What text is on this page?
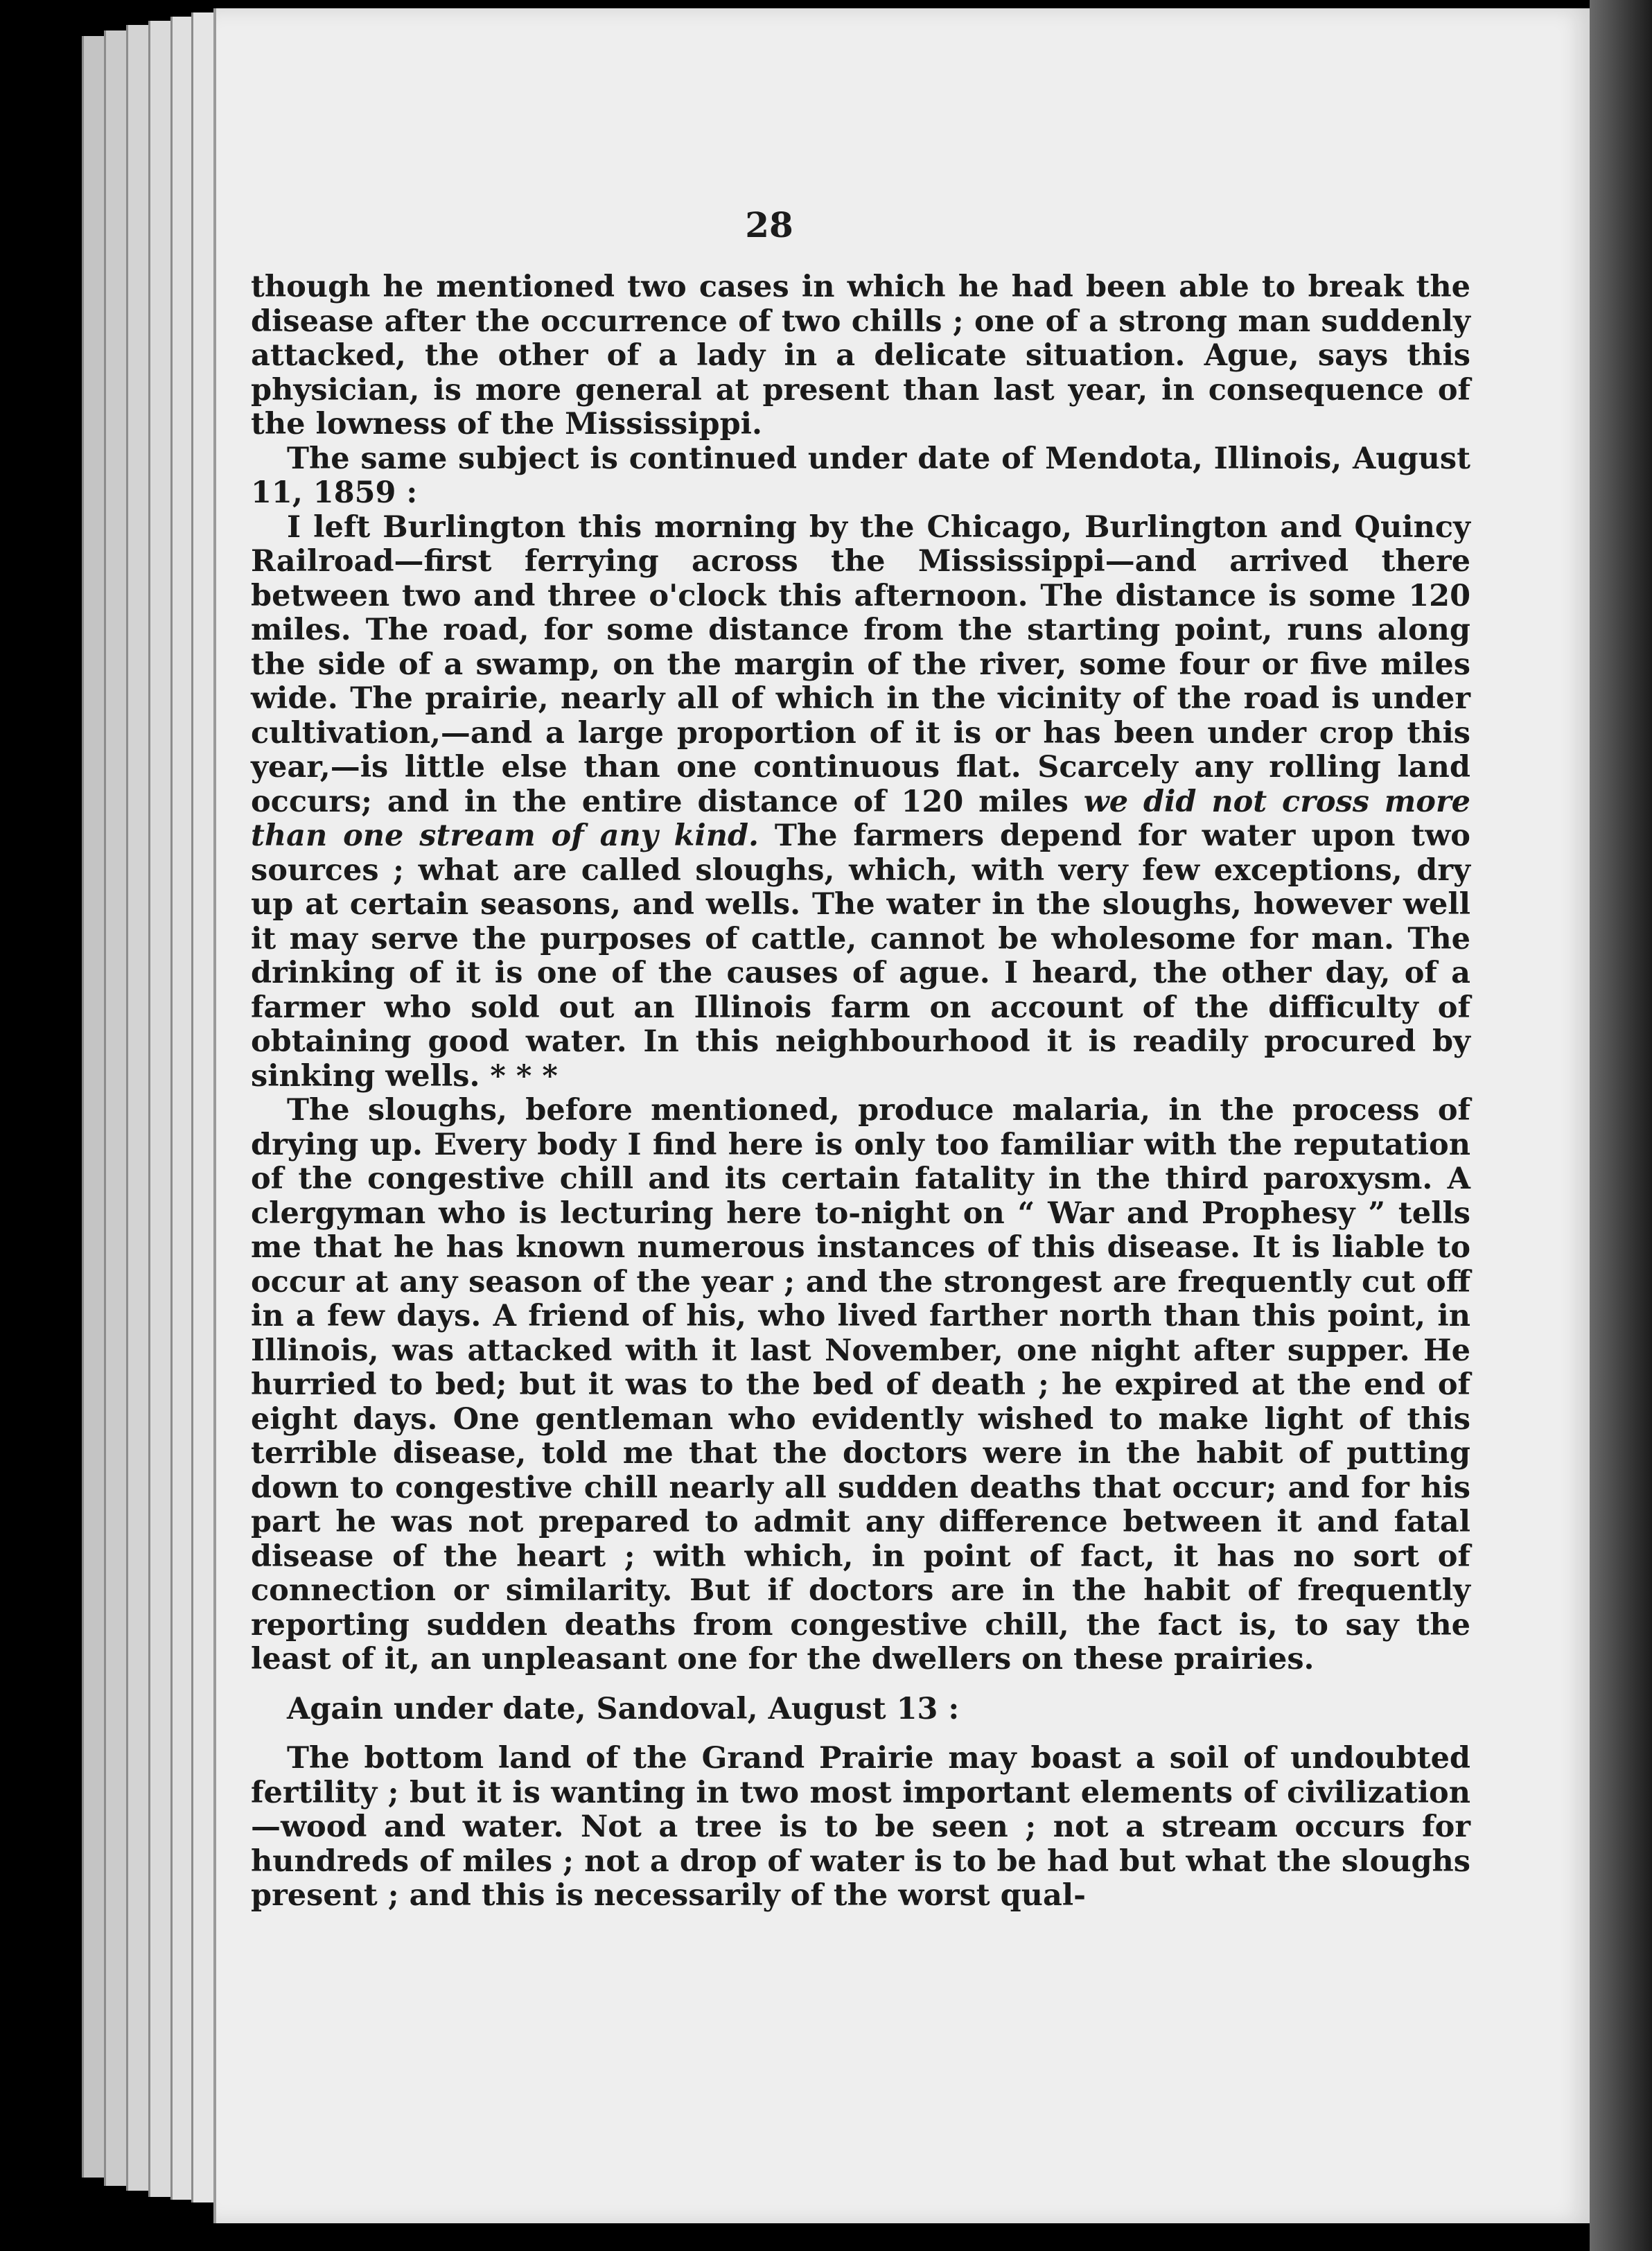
28

though he mentioned two cases in which he had been able to break the disease after the occurrence of two chills ; one of a strong man suddenly attacked, the other of a lady in a delicate situation. Ague, says this physician, is more general at present than last year, in consequence of the lowness of the Mississippi.

The same subject is continued under date of Mendota, Illinois, August 11, 1859 :

I left Burlington this morning by the Chicago, Burlington and Quincy Railroad—first ferrying across the Mississippi—and arrived there between two and three o'clock this afternoon. The distance is some 120 miles. The road, for some distance from the starting point, runs along the side of a swamp, on the margin of the river, some four or five miles wide. The prairie, nearly all of which in the vicinity of the road is under cultivation,—and a large proportion of it is or has been under crop this year,—is little else than one continuous flat. Scarcely any rolling land occurs; and in the entire distance of 120 miles we did not cross more than one stream of any kind. The farmers depend for water upon two sources ; what are called sloughs, which, with very few exceptions, dry up at certain seasons, and wells. The water in the sloughs, however well it may serve the purposes of cattle, cannot be wholesome for man. The drinking of it is one of the causes of ague. I heard, the other day, of a farmer who sold out an Illinois farm on account of the difficulty of obtaining good water. In this neighbourhood it is readily procured by sinking wells. * * *

The sloughs, before mentioned, produce malaria, in the process of drying up. Every body I find here is only too familiar with the reputation of the congestive chill and its certain fatality in the third paroxysm. A clergyman who is lecturing here to-night on “ War and Prophesy ” tells me that he has known numerous instances of this disease. It is liable to occur at any season of the year ; and the strongest are frequently cut off in a few days. A friend of his, who lived farther north than this point, in Illinois, was attacked with it last November, one night after supper. He hurried to bed; but it was to the bed of death ; he expired at the end of eight days. One gentleman who evidently wished to make light of this terrible disease, told me that the doctors were in the habit of putting down to congestive chill nearly all sudden deaths that occur; and for his part he was not prepared to admit any difference between it and fatal disease of the heart ; with which, in point of fact, it has no sort of connection or similarity. But if doctors are in the habit of frequently reporting sudden deaths from congestive chill, the fact is, to say the least of it, an unpleasant one for the dwellers on these prairies.

Again under date, Sandoval, August 13 :

The bottom land of the Grand Prairie may boast a soil of undoubted fertility ; but it is wanting in two most important elements of civilization—wood and water. Not a tree is to be seen ; not a stream occurs for hundreds of miles ; not a drop of water is to be had but what the sloughs present ; and this is necessarily of the worst qual-
